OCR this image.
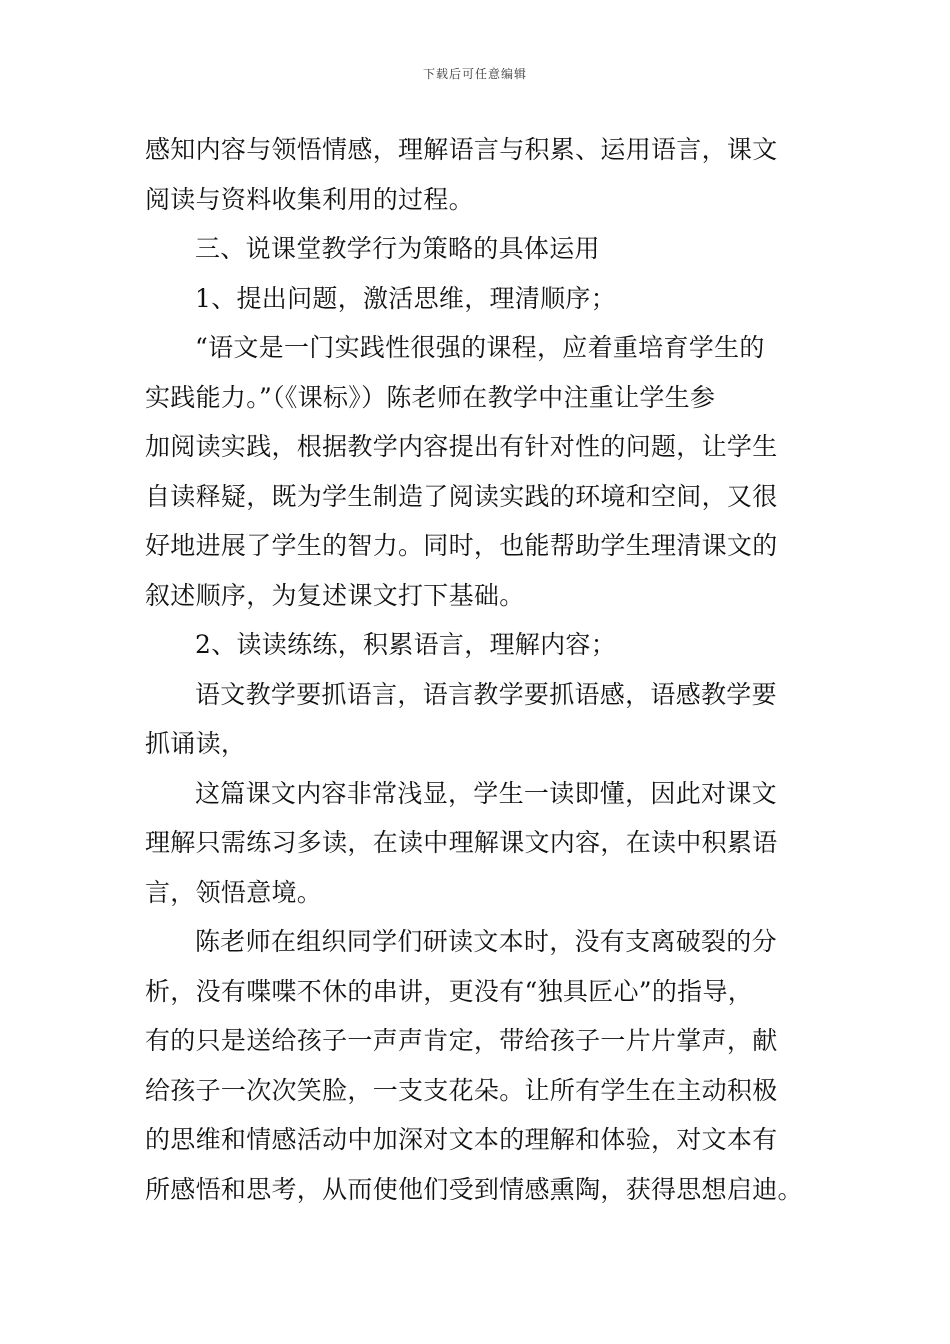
下载后可任意编辑
感知内容与领悟情感，理解语言与积累、运用语言，课文
阅读与资料收集利用的过程。
三、说课堂教学行为策略的具体运用
1、提出问题，激活思维，理清顺序；
“语文是一门实践性很强的课程，应着重培育学生的
实践能力。”（《课标》）陈老师在教学中注重让学生参
加阅读实践，根据教学内容提出有针对性的问题，让学生
自读释疑，既为学生制造了阅读实践的环境和空间，又很
好地进展了学生的智力。同时，也能帮助学生理清课文的
叙述顺序，为复述课文打下基础。
2、读读练练，积累语言，理解内容；
语文教学要抓语言，语言教学要抓语感，语感教学要
抓诵读，
这篇课文内容非常浅显，学生一读即懂，因此对课文
理解只需练习多读，在读中理解课文内容，在读中积累语
言，领悟意境。
陈老师在组织同学们研读文本时，没有支离破裂的分
析，没有喋喋不休的串讲，更没有“独具匠心”的指导，
有的只是送给孩子一声声肯定，带给孩子一片片掌声，献
给孩子一次次笑脸，一支支花朵。让所有学生在主动积极
的思维和情感活动中加深对文本的理解和体验，对文本有
所感悟和思考，从而使他们受到情感熏陶，获得思想启迪。
